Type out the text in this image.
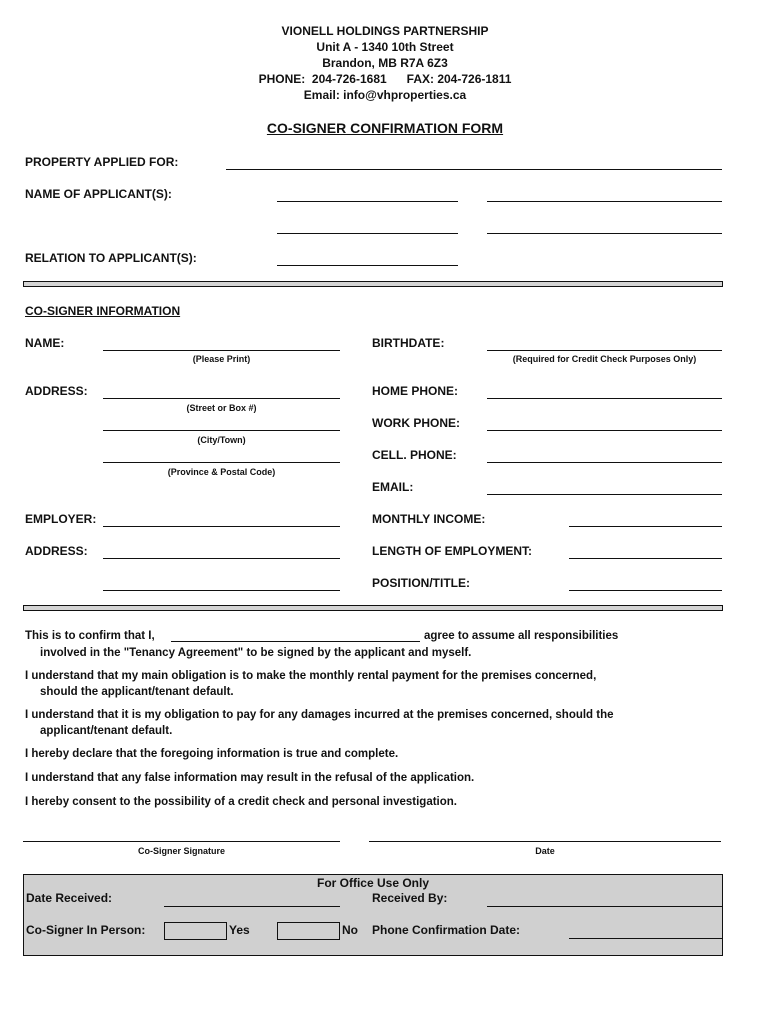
VIONELL HOLDINGS PARTNERSHIP
Unit A - 1340 10th Street
Brandon, MB R7A 6Z3
PHONE:  204-726-1681      FAX: 204-726-1811
Email: info@vhproperties.ca
CO-SIGNER CONFIRMATION FORM
PROPERTY APPLIED FOR:
NAME OF APPLICANT(S):
RELATION TO APPLICANT(S):
CO-SIGNER INFORMATION
NAME:
(Please Print)
BIRTHDATE:
(Required for Credit Check Purposes Only)
ADDRESS:
(Street or Box #)
(City/Town)
(Province & Postal Code)
HOME PHONE:
WORK PHONE:
CELL. PHONE:
EMAIL:
EMPLOYER:
ADDRESS:
MONTHLY INCOME:
LENGTH OF EMPLOYMENT:
POSITION/TITLE:
This is to confirm that I,	agree to assume all responsibilities
involved in the "Tenancy Agreement" to be signed by the applicant and myself.
I understand that my main obligation is to make the monthly rental payment for the premises concerned,
should the applicant/tenant default.
I understand that it is my obligation to pay for any damages incurred at the premises concerned, should the
applicant/tenant default.
I hereby declare that the foregoing information is true and complete.
I understand that any false information may result in the refusal of the application.
I hereby consent to the possibility of a credit check and personal investigation.
Co-Signer Signature	Date
For Office Use Only
Date Received:	Received By:
Co-Signer In Person:	Yes	No Phone Confirmation Date:
